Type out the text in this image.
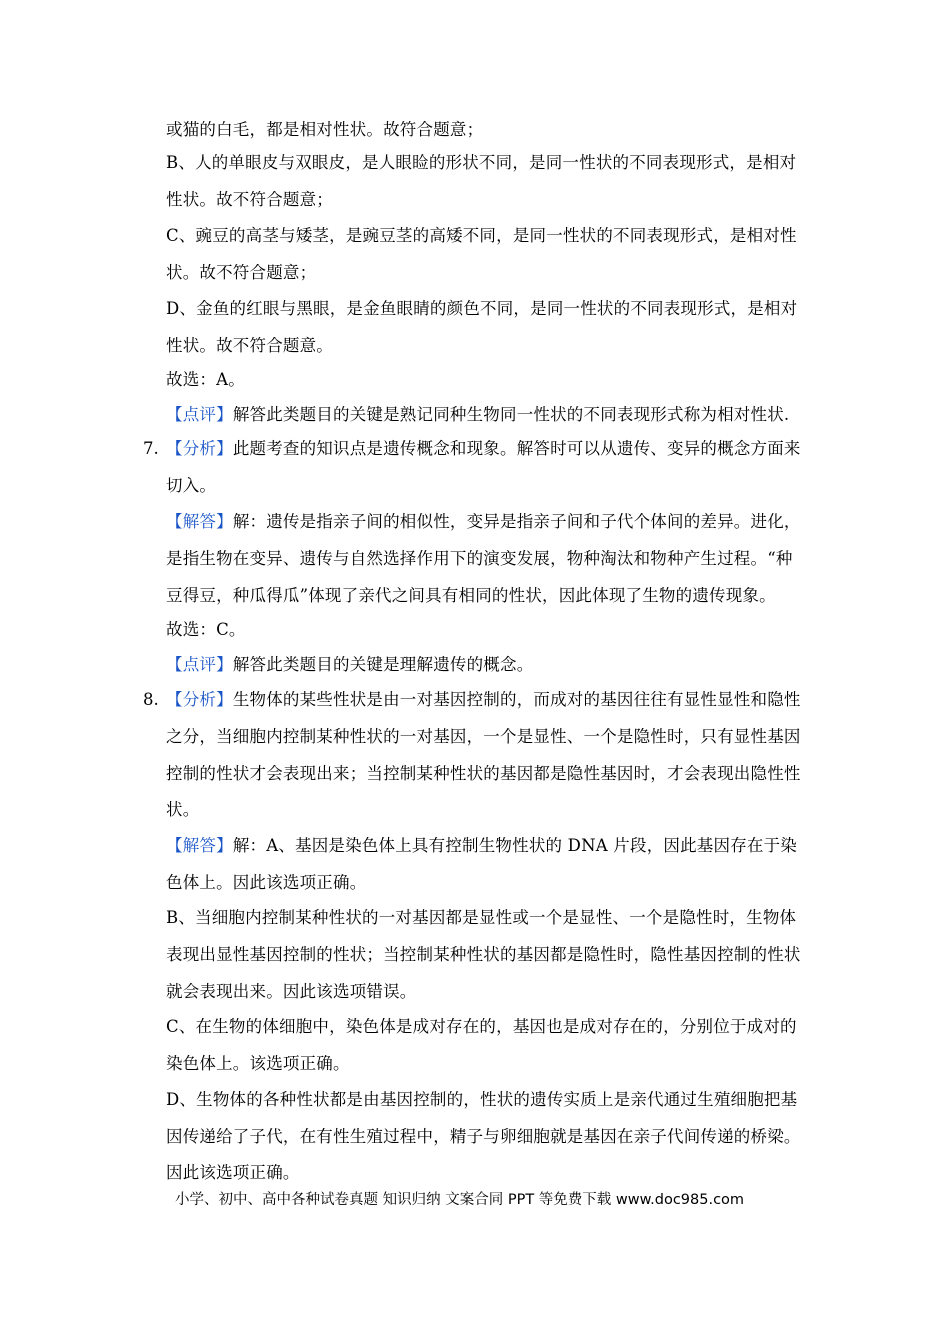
或猫的白毛，都是相对性状。故符合题意；
B、人的单眼皮与双眼皮，是人眼睑的形状不同，是同一性状的不同表现形式，是相对
性状。故不符合题意；
C、豌豆的高茎与矮茎，是豌豆茎的高矮不同，是同一性状的不同表现形式，是相对性
状。故不符合题意；
D、金鱼的红眼与黑眼，是金鱼眼睛的颜色不同，是同一性状的不同表现形式，是相对
性状。故不符合题意。
故选：A。
【点评】解答此类题目的关键是熟记同种生物同一性状的不同表现形式称为相对性状.
7. 【分析】此题考查的知识点是遗传概念和现象。解答时可以从遗传、变异的概念方面来
切入。
【解答】解：遗传是指亲子间的相似性，变异是指亲子间和子代个体间的差异。进化，
是指生物在变异、遗传与自然选择作用下的演变发展，物种淘汰和物种产生过程。“种
豆得豆，种瓜得瓜”体现了亲代之间具有相同的性状，因此体现了生物的遗传现象。
故选：C。
【点评】解答此类题目的关键是理解遗传的概念。
8. 【分析】生物体的某些性状是由一对基因控制的，而成对的基因往往有显性显性和隐性
之分，当细胞内控制某种性状的一对基因，一个是显性、一个是隐性时，只有显性基因
控制的性状才会表现出来；当控制某种性状的基因都是隐性基因时，才会表现出隐性性
状。
【解答】解：A、基因是染色体上具有控制生物性状的 DNA 片段，因此基因存在于染
色体上。因此该选项正确。
B、当细胞内控制某种性状的一对基因都是显性或一个是显性、一个是隐性时，生物体
表现出显性基因控制的性状；当控制某种性状的基因都是隐性时，隐性基因控制的性状
就会表现出来。因此该选项错误。
C、在生物的体细胞中，染色体是成对存在的，基因也是成对存在的，分别位于成对的
染色体上。该选项正确。
D、生物体的各种性状都是由基因控制的，性状的遗传实质上是亲代通过生殖细胞把基
因传递给了子代，在有性生殖过程中，精子与卵细胞就是基因在亲子代间传递的桥梁。
因此该选项正确。
小学、初中、高中各种试卷真题 知识归纳 文案合同 PPT 等免费下载 www.doc985.com
